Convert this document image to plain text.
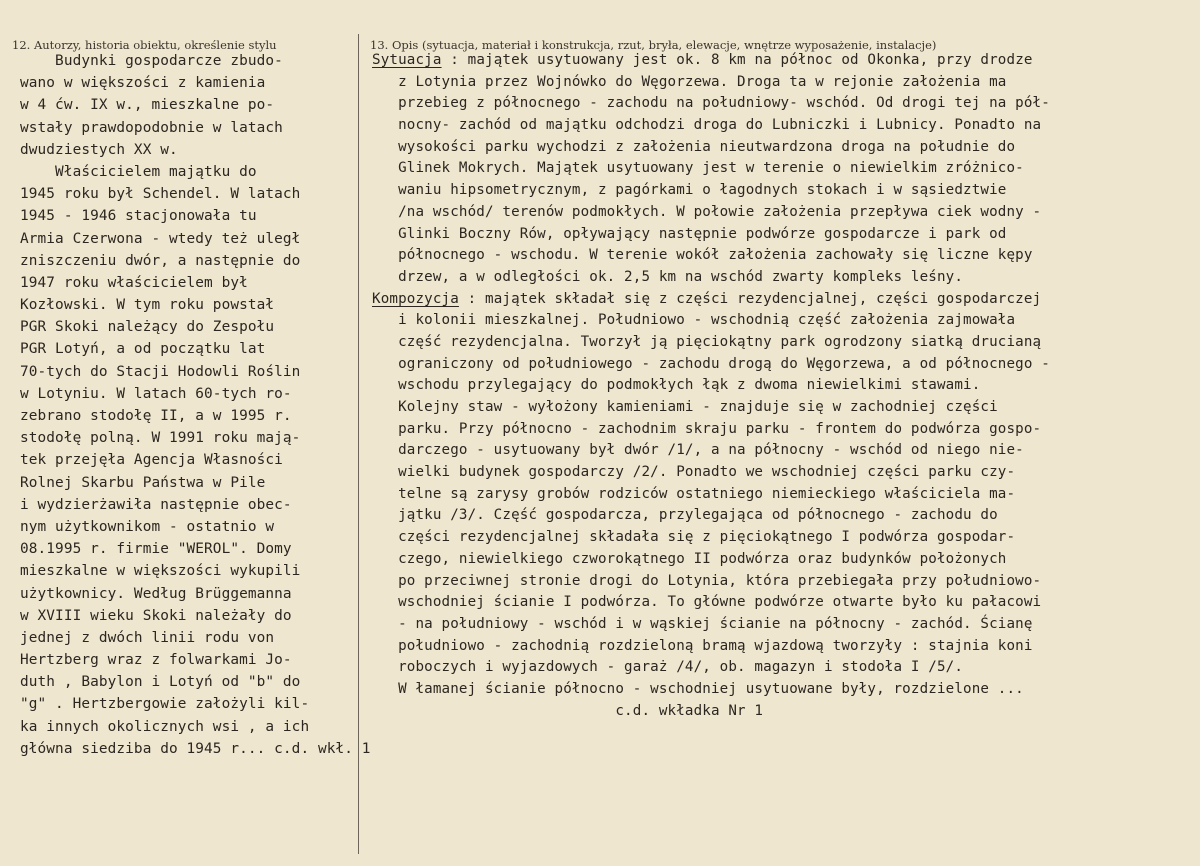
12. Autorzy, historia obiektu, określenie stylu	13. Opis (sytuacja, materiał i konstrukcja, rzut, bryła, elewacje, wnętrze wyposażenie, instalacje)
Budynki gospodarcze zbudo-
wano w większości z kamienia
w 4 ćw. IX w., mieszkalne po-
wstały prawdopodobnie w latach
dwudziestych XX w.
Właścicielem majątku do
1945 roku był Schendel. W latach
1945 - 1946 stacjonowała tu
Armia Czerwona - wtedy też uległ
zniszczeniu dwór, a następnie do
1947 roku właścicielem był
Kozłowski. W tym roku powstał
PGR Skoki należący do Zespołu
PGR Lotyń, a od początku lat
70-tych do Stacji Hodowli Roślin
w Lotyniu. W latach 60-tych ro-
zebrano stodołę II, a w 1995 r.
stodołę polną. W 1991 roku mają-
tek przejęła Agencja Własności
Rolnej Skarbu Państwa w Pile
i wydzierżawiła następnie obec-
nym użytkownikom - ostatnio w
08.1995 r. firmie "WEROL". Domy
mieszkalne w większości wykupili
użytkownicy. Według Brüggemanna
w XVIII wieku Skoki należały do
jednej z dwóch linii rodu von
Hertzberg wraz z folwarkami Jo-
duth , Babylon i Lotyń od "b" do
"g" . Hertzbergowie założyli kil-
ka innych okolicznych wsi , a ich
główna siedziba do 1945 r... c.d. wkł. 1
Sytuacja : majątek usytuowany jest ok. 8 km na północ od Okonka, przy drodze
z Lotynia przez Wojnówko do Węgorzewa. Droga ta w rejonie założenia ma
przebieg z północnego - zachodu na południowy- wschód. Od drogi tej na pół-
nocny- zachód od majątku odchodzi droga do Lubniczki i Lubnicy. Ponadto na
wysokości parku wychodzi z założenia nieutwardzona droga na południe do
Glinek Mokrych. Majątek usytuowany jest w terenie o niewielkim zróżnico-
waniu hipsometrycznym, z pagórkami o łagodnych stokach i w sąsiedztwie
/na wschód/ terenów podmokłych. W połowie założenia przepływa ciek wodny -
Glinki Boczny Rów, opływający następnie podwórze gospodarcze i park od
północnego - wschodu. W terenie wokół założenia zachowały się liczne kępy
drzew, a w odległości ok. 2,5 km na wschód zwarty kompleks leśny.
Kompozycja : majątek składał się z części rezydencjalnej, części gospodarczej
i kolonii mieszkalnej. Południowo - wschodnią część założenia zajmowała
część rezydencjalna. Tworzył ją pięciokątny park ogrodzony siatką drucianą
ograniczony od południowego - zachodu drogą do Węgorzewa, a od północnego -
wschodu przylegający do podmokłych łąk z dwoma niewielkimi stawami.
Kolejny staw - wyłożony kamieniami - znajduje się w zachodniej części
parku. Przy północno - zachodnim skraju parku - frontem do podwórza gospo-
darczego - usytuowany był dwór /1/, a na północny - wschód od niego nie-
wielki budynek gospodarczy /2/. Ponadto we wschodniej części parku czy-
telne są zarysy grobów rodziców ostatniego niemieckiego właściciela ma-
jątku /3/. Część gospodarcza, przylegająca od północnego - zachodu do
części rezydencjalnej składała się z pięciokątnego I podwórza gospodar-
czego, niewielkiego czworokątnego II podwórza oraz budynków położonych
po przeciwnej stronie drogi do Lotynia, która przebiegała przy południowo-
wschodniej ścianie I podwórza. To główne podwórze otwarte było ku pałacowi
- na południowy - wschód i w wąskiej ścianie na północny - zachód. Ścianę
południowo - zachodnią rozdzieloną bramą wjazdową tworzyły : stajnia koni
roboczych i wyjazdowych - garaż /4/, ob. magazyn i stodoła I /5/.
W łamanej ścianie północno - wschodniej usytuowane były, rozdzielone ...
c.d. wkładka Nr 1
